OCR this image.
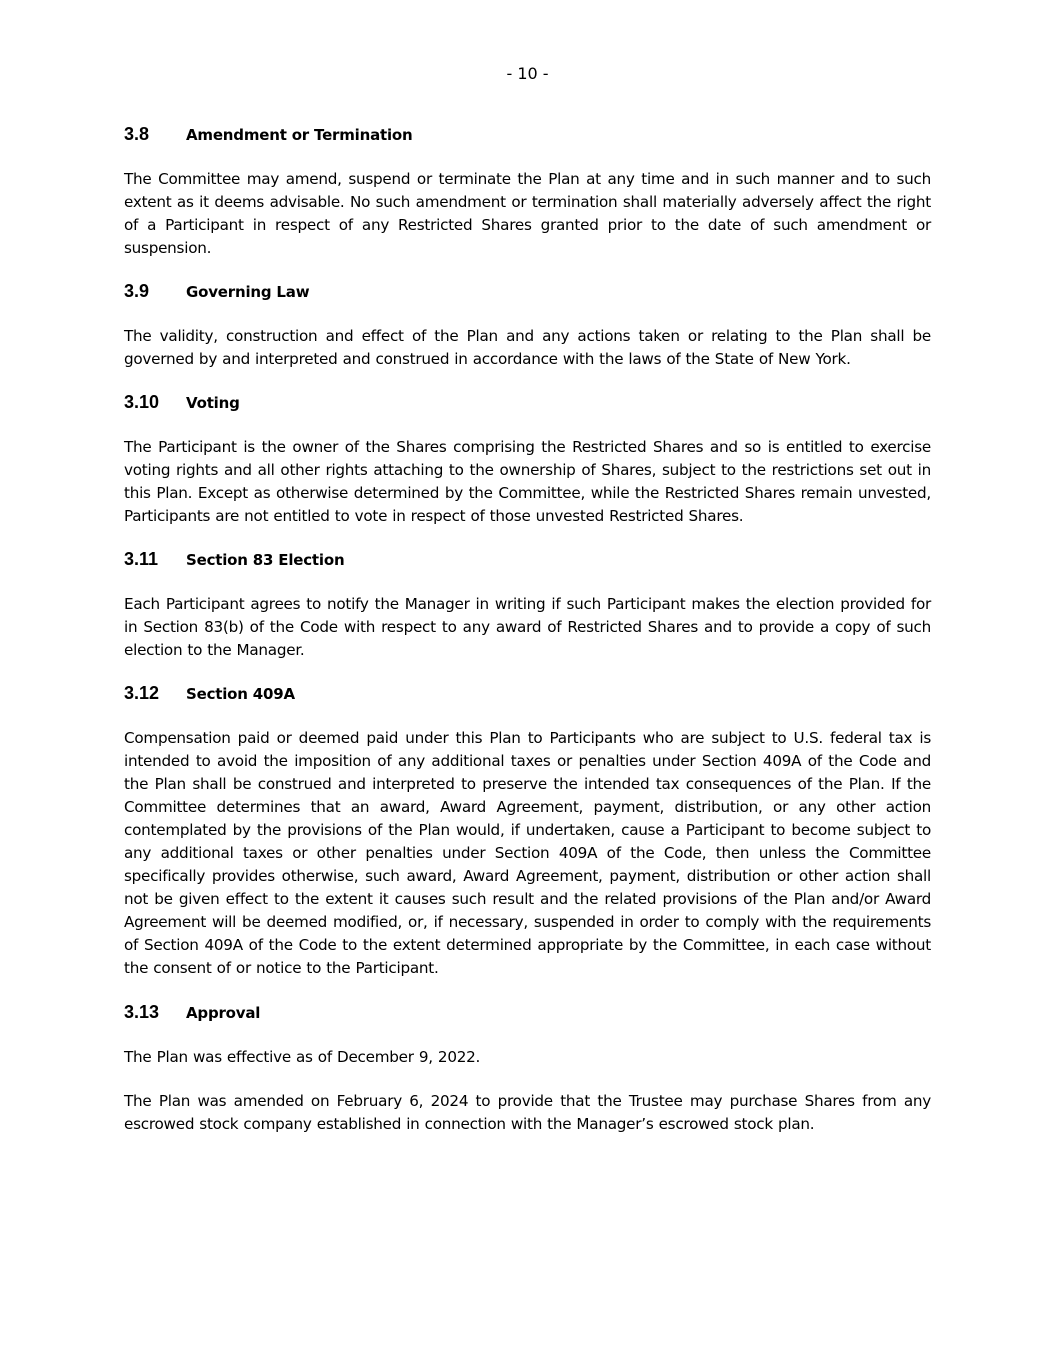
- 10 -
3.8	Amendment or Termination

The Committee may amend, suspend or terminate the Plan at any time and in such manner and to such extent as it deems advisable. No such amendment or termination shall materially adversely affect the right of a Participant in respect of any Restricted Shares granted prior to the date of such amendment or suspension.

3.9	Governing Law

The validity, construction and effect of the Plan and any actions taken or relating to the Plan shall be governed by and interpreted and construed in accordance with the laws of the State of New York.

3.10	Voting

The Participant is the owner of the Shares comprising the Restricted Shares and so is entitled to exercise voting rights and all other rights attaching to the ownership of Shares, subject to the restrictions set out in this Plan. Except as otherwise determined by the Committee, while the Restricted Shares remain unvested, Participants are not entitled to vote in respect of those unvested Restricted Shares.

3.11	Section 83 Election

Each Participant agrees to notify the Manager in writing if such Participant makes the election provided for in Section 83(b) of the Code with respect to any award of Restricted Shares and to provide a copy of such election to the Manager.

3.12	Section 409A

Compensation paid or deemed paid under this Plan to Participants who are subject to U.S. federal tax is intended to avoid the imposition of any additional taxes or penalties under Section 409A of the Code and the Plan shall be construed and interpreted to preserve the intended tax consequences of the Plan. If the Committee determines that an award, Award Agreement, payment, distribution, or any other action contemplated by the provisions of the Plan would, if undertaken, cause a Participant to become subject to any additional taxes or other penalties under Section 409A of the Code, then unless the Committee specifically provides otherwise, such award, Award Agreement, payment, distribution or other action shall not be given effect to the extent it causes such result and the related provisions of the Plan and/or Award Agreement will be deemed modified, or, if necessary, suspended in order to comply with the requirements of Section 409A of the Code to the extent determined appropriate by the Committee, in each case without the consent of or notice to the Participant.

3.13	Approval

The Plan was effective as of December 9, 2022.

The Plan was amended on February 6, 2024 to provide that the Trustee may purchase Shares from any escrowed stock company established in connection with the Manager’s escrowed stock plan.
